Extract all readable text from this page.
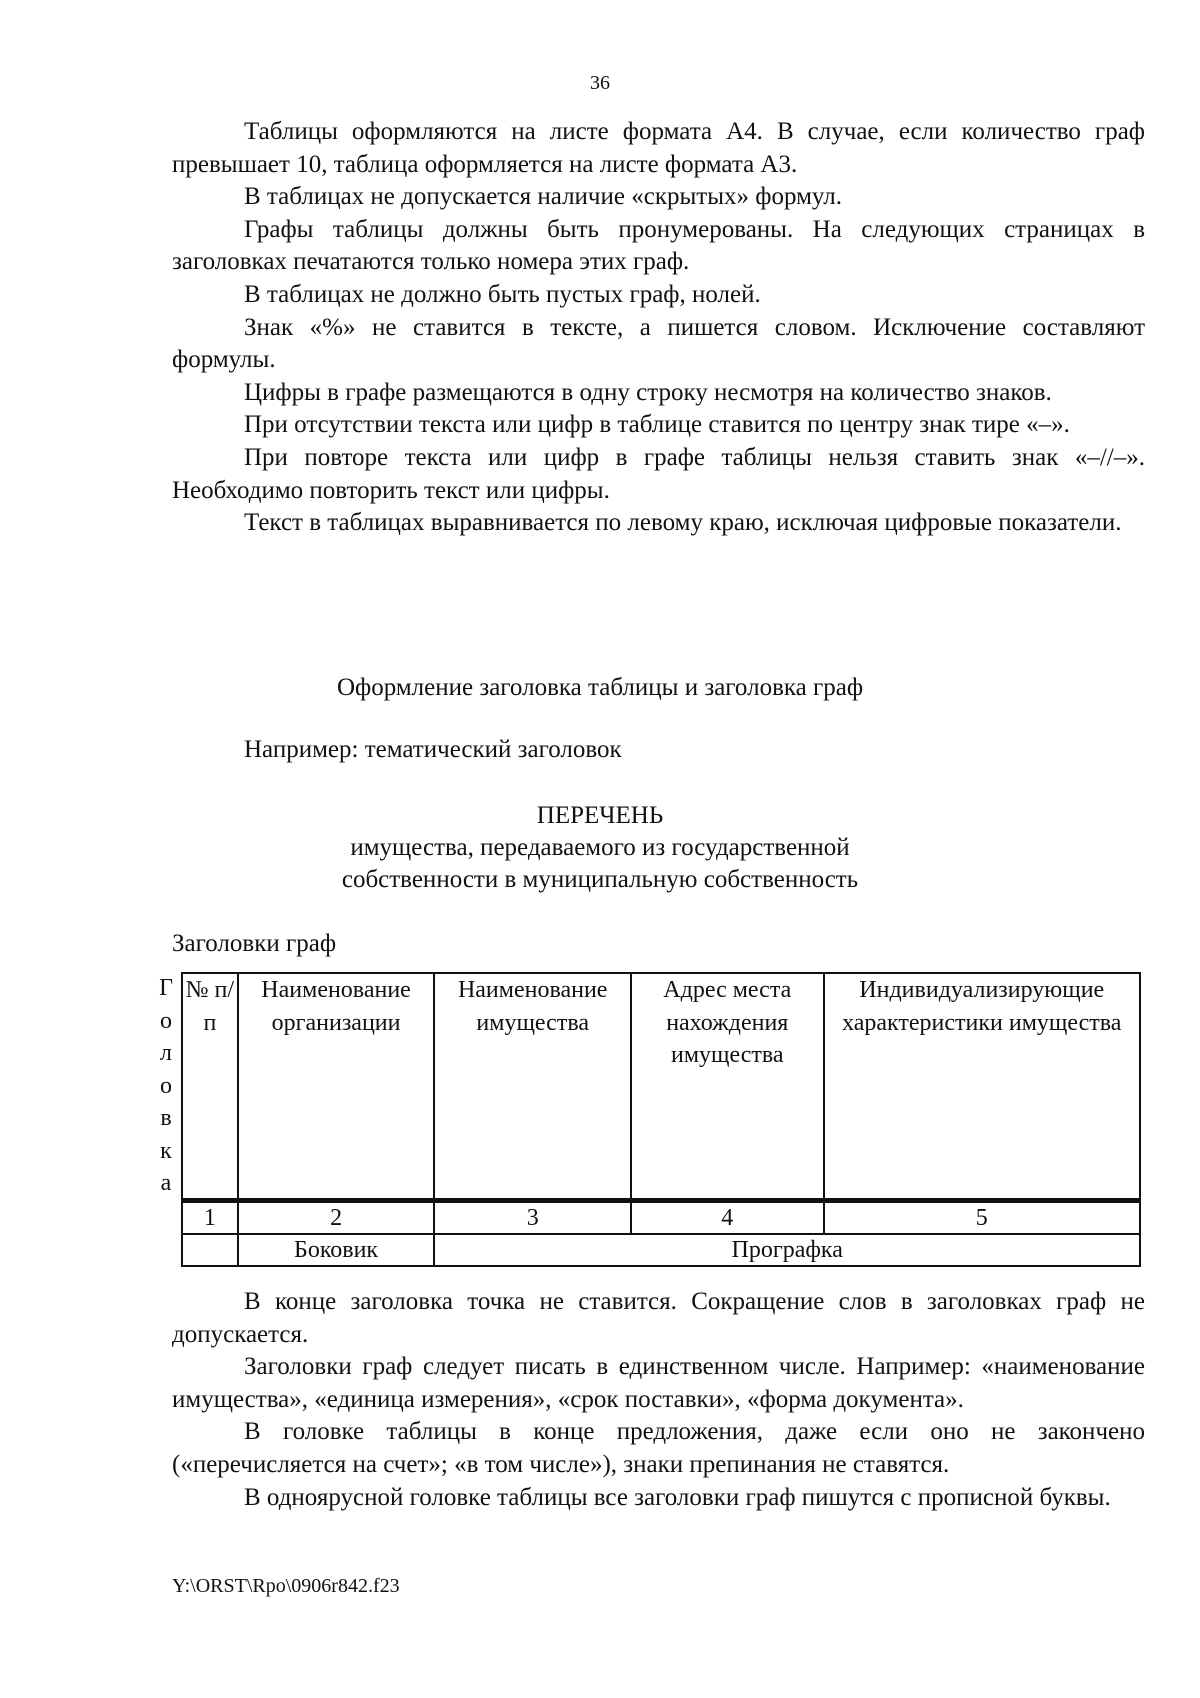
36

Таблицы оформляются на листе формата А4. В случае, если количество граф превышает 10, таблица оформляется на листе формата А3.

В таблицах не допускается наличие «скрытых» формул.

Графы таблицы должны быть пронумерованы. На следующих страницах в заголовках печатаются только номера этих граф.

В таблицах не должно быть пустых граф, нолей.

Знак «%» не ставится в тексте, а пишется словом. Исключение составляют формулы.

Цифры в графе размещаются в одну строку несмотря на количество знаков.

При отсутствии текста или цифр в таблице ставится по центру знак тире «–».

При повторе текста или цифр в графе таблицы нельзя ставить знак «–//–». Необходимо повторить текст или цифры.

Текст в таблицах выравнивается по левому краю, исключая цифровые показатели.

Оформление заголовка таблицы и заголовка граф
Например: тематический заголовок
ПЕРЕЧЕНЬ
имущества, передаваемого из государственной
собственности в муниципальную собственность
Заголовки граф
Г
о
л
о
в
к
а
№ п/п	Наименование организации	Наименование имущества	Адрес места нахождения имущества	Индивидуализирующие характеристики имущества
1	2	3	4	5
	Боковик	Прографка		

В конце заголовка точка не ставится. Сокращение слов в заголовках граф не допускается.

Заголовки граф следует писать в единственном числе. Например: «наименование имущества», «единица измерения», «срок поставки», «форма документа».

В головке таблицы в конце предложения, даже если оно не закончено («перечисляется на счет»; «в том числе»), знаки препинания не ставятся.

В одноярусной головке таблицы все заголовки граф пишутся с прописной буквы.

Y:\ORST\Rpo\0906r842.f23
